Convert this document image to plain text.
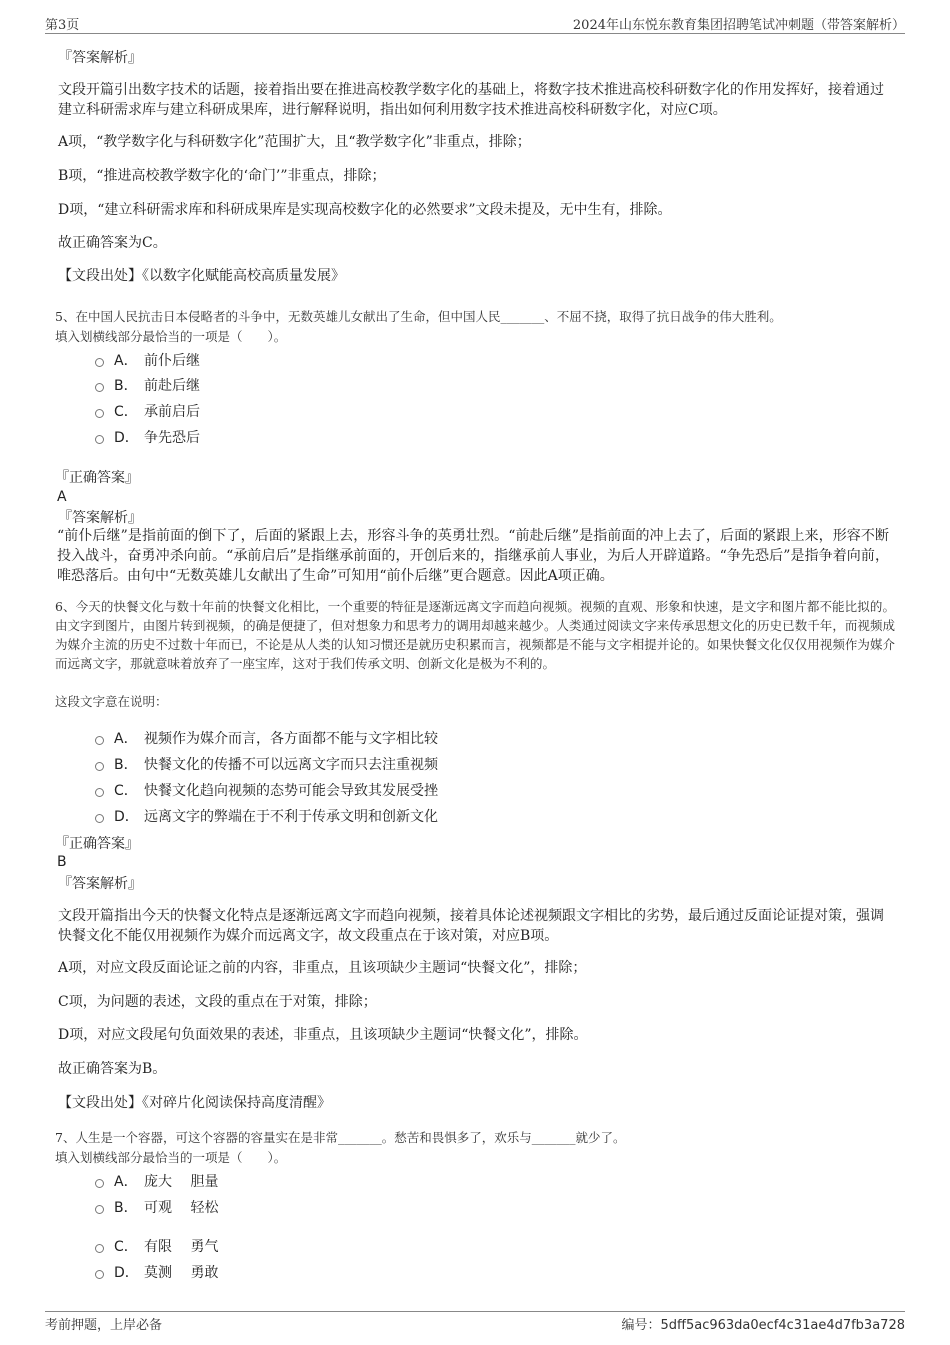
第3页	2024年山东悦东教育集团招聘笔试冲刺题（带答案解析）
『答案解析』
文段开篇引出数字技术的话题，接着指出要在推进高校教学数字化的基础上，将数字技术推进高校科研数字化的作用发挥好，接着通过建立科研需求库与建立科研成果库，进行解释说明，指出如何利用数字技术推进高校科研数字化，对应C项。
A项，“教学数字化与科研数字化”范围扩大，且“教学数字化”非重点，排除；
B项，“推进高校教学数字化的‘命门’”非重点，排除；
D项，“建立科研需求库和科研成果库是实现高校数字化的必然要求”文段未提及，无中生有，排除。
故正确答案为C。
【文段出处】《以数字化赋能高校高质量发展》
5、在中国人民抗击日本侵略者的斗争中，无数英雄儿女献出了生命，但中国人民_______、不屈不挠，取得了抗日战争的伟大胜利。
填入划横线部分最恰当的一项是（　　）。
A． 前仆后继
B． 前赴后继
C． 承前启后
D． 争先恐后
『正确答案』
A
『答案解析』
“前仆后继”是指前面的倒下了，后面的紧跟上去，形容斗争的英勇壮烈。“前赴后继”是指前面的冲上去了，后面的紧跟上来，形容不断投入战斗，奋勇冲杀向前。“承前启后”是指继承前面的，开创后来的，指继承前人事业，为后人开辟道路。“争先恐后”是指争着向前，唯恐落后。由句中“无数英雄儿女献出了生命”可知用“前仆后继”更合题意。因此A项正确。
6、今天的快餐文化与数十年前的快餐文化相比，一个重要的特征是逐渐远离文字而趋向视频。视频的直观、形象和快速，是文字和图片都不能比拟的。由文字到图片，由图片转到视频，的确是便捷了，但对想象力和思考力的调用却越来越少。人类通过阅读文字来传承思想文化的历史已数千年，而视频成为媒介主流的历史不过数十年而已，不论是从人类的认知习惯还是就历史积累而言，视频都是不能与文字相提并论的。如果快餐文化仅仅用视频作为媒介而远离文字，那就意味着放弃了一座宝库，这对于我们传承文明、创新文化是极为不利的。
这段文字意在说明：
A． 视频作为媒介而言，各方面都不能与文字相比较
B． 快餐文化的传播不可以远离文字而只去注重视频
C． 快餐文化趋向视频的态势可能会导致其发展受挫
D． 远离文字的弊端在于不利于传承文明和创新文化
『正确答案』
B
『答案解析』
文段开篇指出今天的快餐文化特点是逐渐远离文字而趋向视频，接着具体论述视频跟文字相比的劣势，最后通过反面论证提对策，强调快餐文化不能仅用视频作为媒介而远离文字，故文段重点在于该对策，对应B项。
A项，对应文段反面论证之前的内容，非重点，且该项缺少主题词“快餐文化”，排除；
C项，为问题的表述，文段的重点在于对策，排除；
D项，对应文段尾句负面效果的表述，非重点，且该项缺少主题词“快餐文化”，排除。
故正确答案为B。
【文段出处】《对碎片化阅读保持高度清醒》
7、人生是一个容器，可这个容器的容量实在是非常_______。愁苦和畏惧多了，欢乐与_______就少了。
填入划横线部分最恰当的一项是（　　）。
A． 庞大　 胆量
B． 可观　 轻松
C． 有限　 勇气
D． 莫测　 勇敢
考前押题，上岸必备	编号：5dff5ac963da0ecf4c31ae4d7fb3a728
